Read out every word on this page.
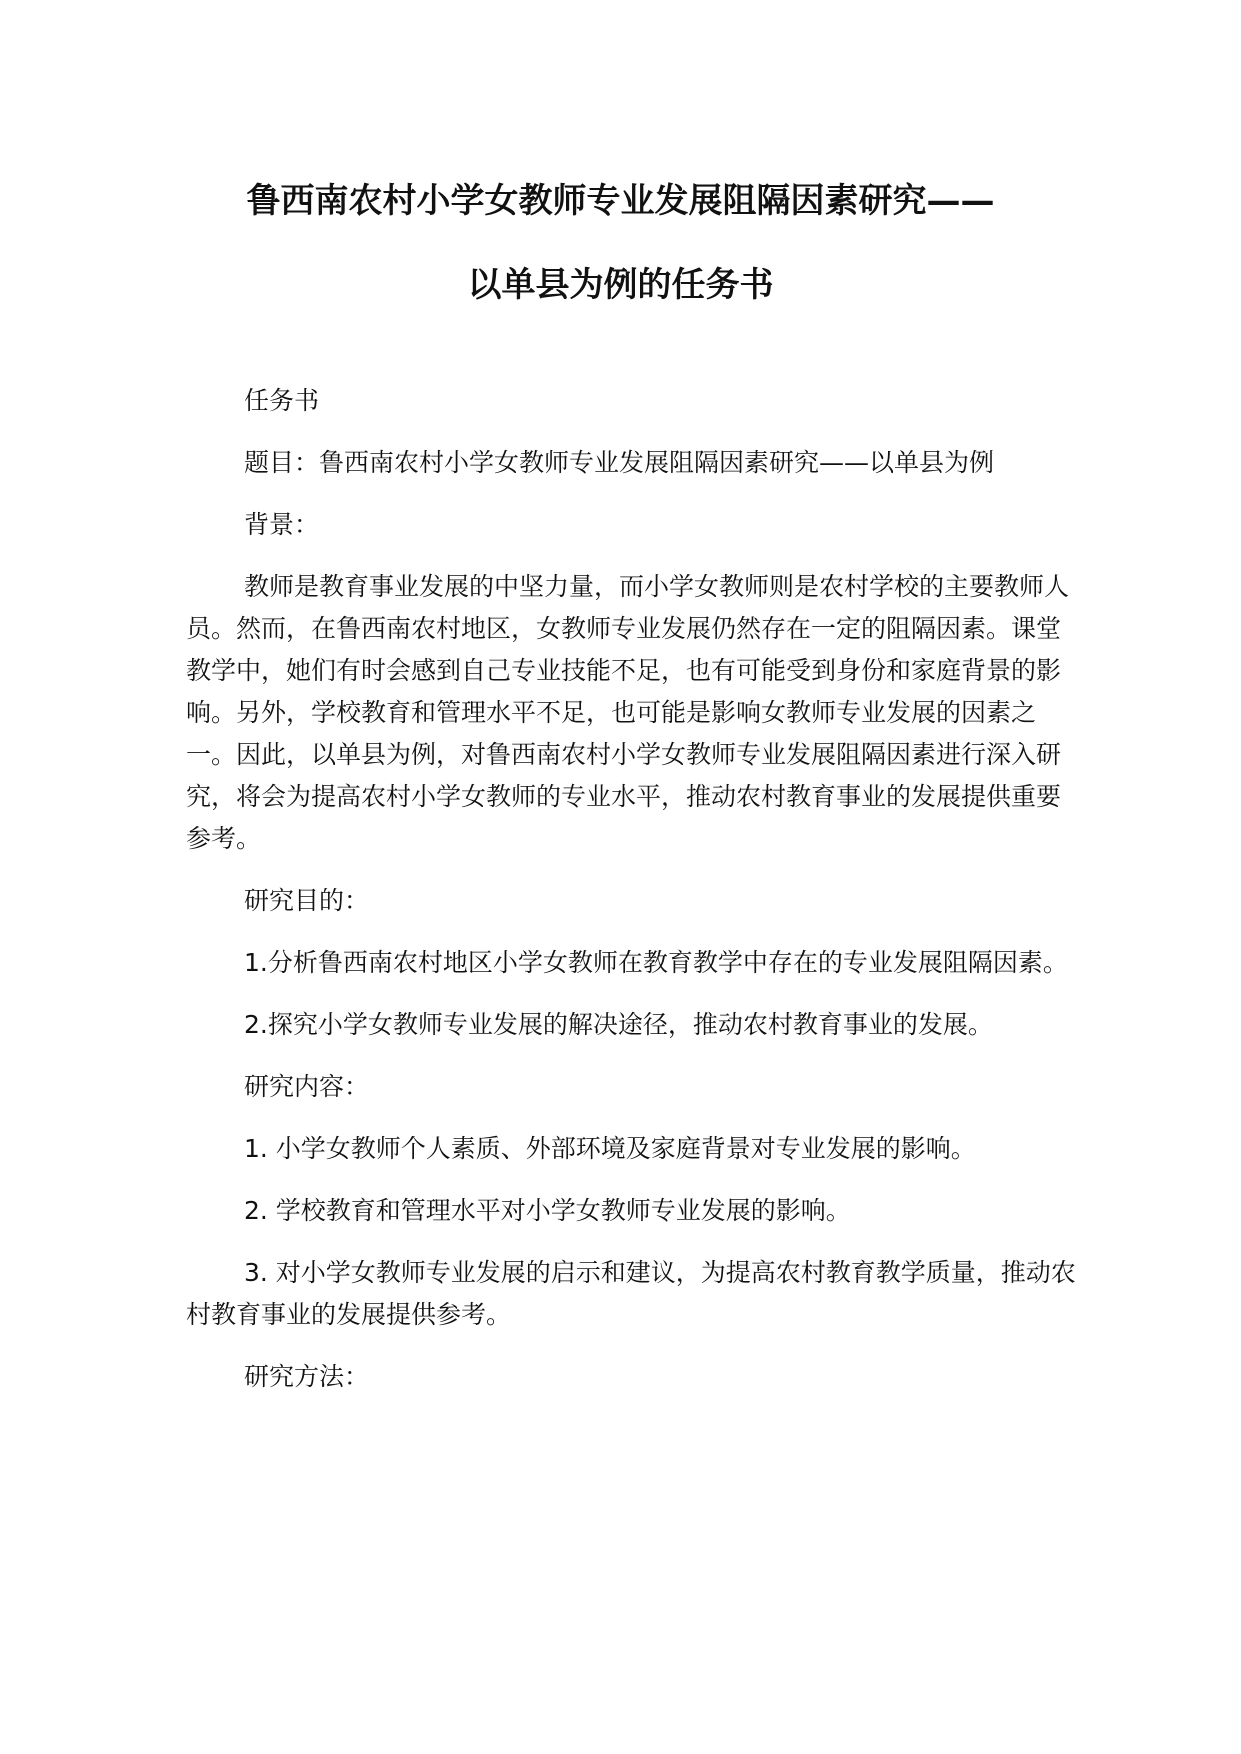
鲁西南农村小学女教师专业发展阻隔因素研究——
以单县为例的任务书

任务书

题目：鲁西南农村小学女教师专业发展阻隔因素研究——以单县为例

背景：

教师是教育事业发展的中坚力量，而小学女教师则是农村学校的主要教师人员。然而，在鲁西南农村地区，女教师专业发展仍然存在一定的阻隔因素。课堂教学中，她们有时会感到自己专业技能不足，也有可能受到身份和家庭背景的影响。另外，学校教育和管理水平不足，也可能是影响女教师专业发展的因素之一。因此，以单县为例，对鲁西南农村小学女教师专业发展阻隔因素进行深入研究，将会为提高农村小学女教师的专业水平，推动农村教育事业的发展提供重要参考。

研究目的：

1.分析鲁西南农村地区小学女教师在教育教学中存在的专业发展阻隔因素。

2.探究小学女教师专业发展的解决途径，推动农村教育事业的发展。

研究内容：

1. 小学女教师个人素质、外部环境及家庭背景对专业发展的影响。

2. 学校教育和管理水平对小学女教师专业发展的影响。

3. 对小学女教师专业发展的启示和建议，为提高农村教育教学质量，推动农村教育事业的发展提供参考。

研究方法：
